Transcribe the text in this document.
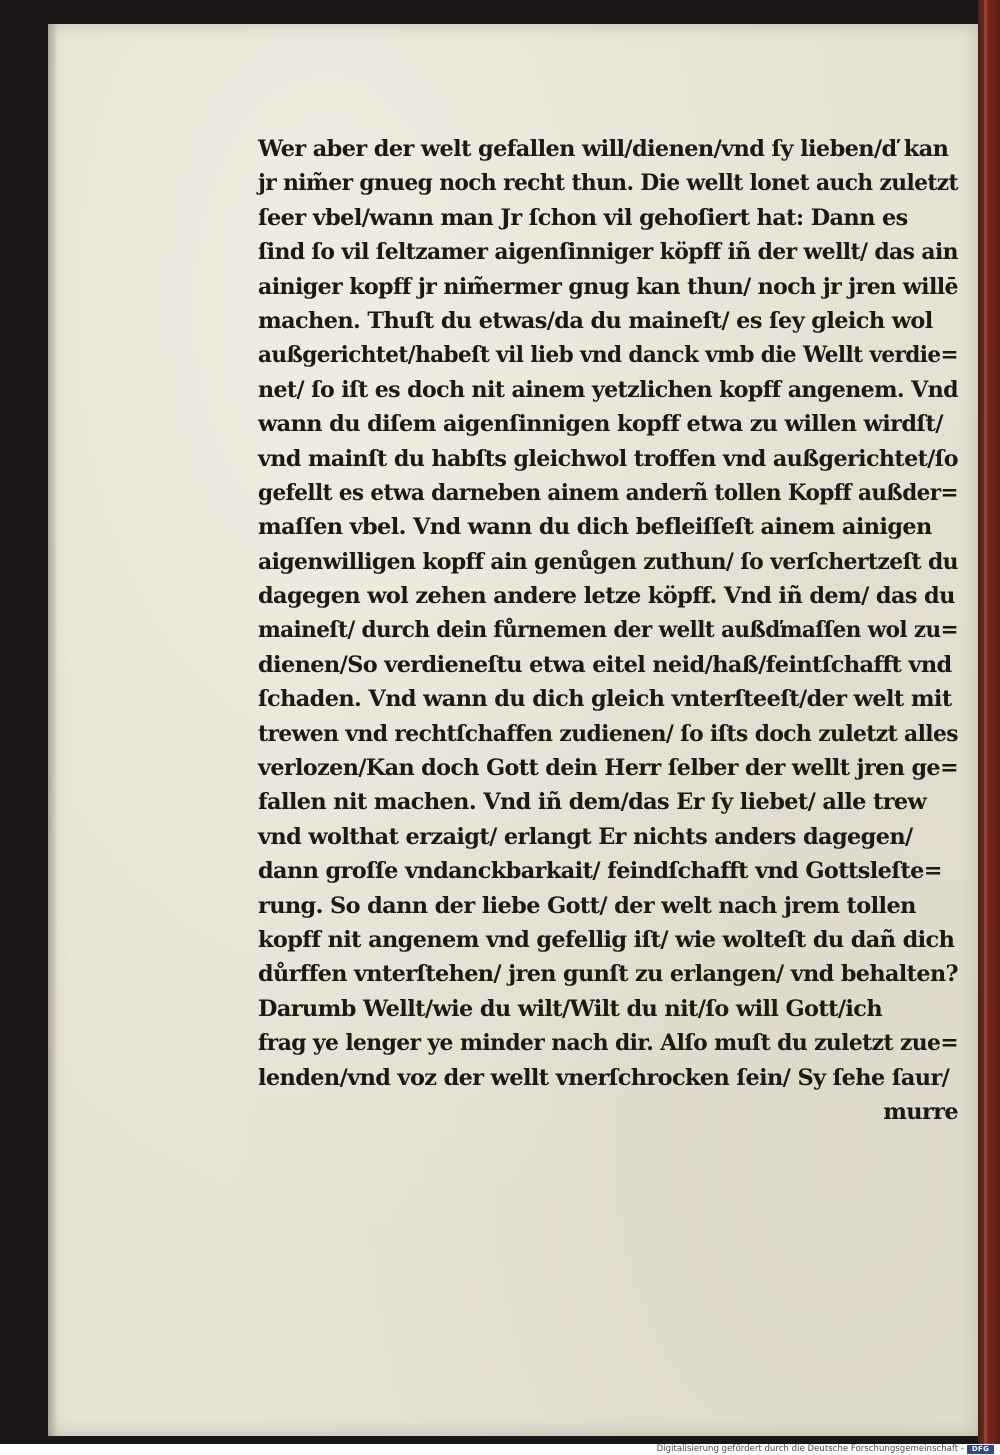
Wer aber der welt gefallen will/dienen/vnd ſy lieben/ď kan
jr nim̃er gnueg noch recht thun. Die wellt lonet auch zuletzt
ſeer vbel/wann man Jr ſchon vil gehoſiert hat: Dann es
ſind ſo vil ſeltzamer aigenſinniger köpff iñ der wellt/ das ain
ainiger kopff jr nim̃ermer gnug kan thun/ noch jr jren willē
machen. Thuſt du etwas/da du maineſt/ es ſey gleich wol
außgerichtet/habeſt vil lieb vnd danck vmb die Wellt verdie=
net/ ſo iſt es doch nit ainem yetzlichen kopff angenem. Vnd
wann du diſem aigenſinnigen kopff etwa zu willen wirdſt/
vnd mainſt du habſts gleichwol troffen vnd außgerichtet/ſo
gefellt es etwa darneben ainem anderñ tollen Kopff außder=
maſſen vbel. Vnd wann du dich befleiſſeſt ainem ainigen
aigenwilligen kopff ain genůgen zuthun/ ſo verſchertzeſt du
dagegen wol zehen andere letze köpff. Vnd iñ dem/ das du
maineſt/ durch dein fůrnemen der wellt außďmaſſen wol zu=
dienen/So verdieneſtu etwa eitel neid/haß/feintſchafft vnd
ſchaden. Vnd wann du dich gleich vnterſteeſt/der welt mit
trewen vnd rechtſchaffen zudienen/ ſo iſts doch zuletzt alles
verlozen/Kan doch Gott dein Herr ſelber der wellt jren ge=
fallen nit machen. Vnd iñ dem/das Er ſy liebet/ alle trew
vnd wolthat erzaigt/ erlangt Er nichts anders dagegen/
dann groſſe vndanckbarkait/ feindſchafft vnd Gottsleſte=
rung. So dann der liebe Gott/ der welt nach jrem tollen
kopff nit angenem vnd gefellig iſt/ wie wolteſt du dañ dich
důrffen vnterſtehen/ jren gunſt zu erlangen/ vnd behalten?
Darumb Wellt/wie du wilt/Wilt du nit/ſo will Gott/ich
frag ye lenger ye minder nach dir. Alſo muſt du zuletzt zue=
lenden/vnd voz der wellt vnerſchrocken ſein/ Sy ſehe ſaur/
murre
Digitalisierung gefördert durch die Deutsche Forschungsgemeinschaft -	DFG
